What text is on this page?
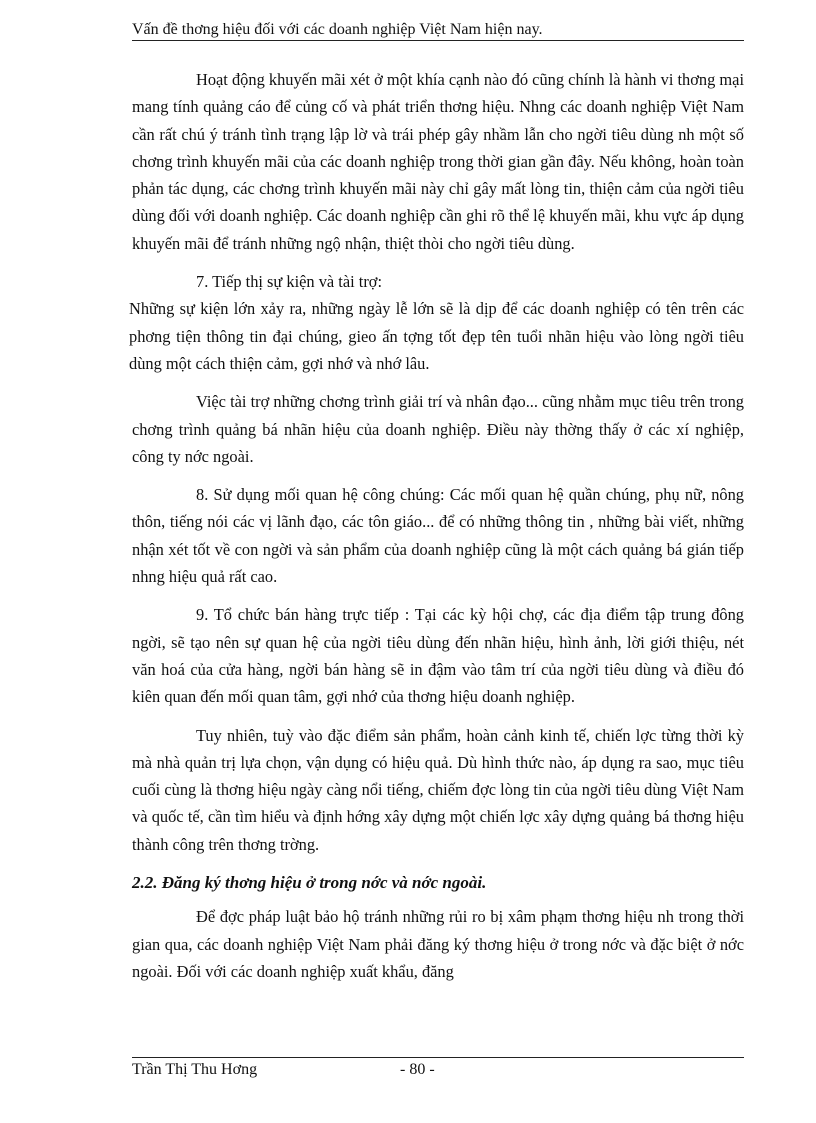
Vấn đề thơng hiệu đối với các doanh nghiệp Việt Nam hiện nay.

Hoạt động khuyến mãi xét ở một khía cạnh nào đó cũng chính là hành vi thơng mại mang tính quảng cáo để củng cố và phát triển thơng hiệu. Nhng các doanh nghiệp Việt Nam cần rất chú ý tránh tình trạng lập lờ và trái phép gây nhầm lẫn cho ngời tiêu dùng nh một số chơng trình khuyến mãi của các doanh nghiệp trong thời gian gần đây. Nếu không, hoàn toàn phản tác dụng, các chơng trình khuyến mãi này chỉ gây mất lòng tin, thiện cảm của ngời tiêu dùng đối với doanh nghiệp. Các doanh nghiệp cần ghi rõ thể lệ khuyến mãi, khu vực áp dụng khuyến mãi để tránh những ngộ nhận, thiệt thòi cho ngời tiêu dùng.

7. Tiếp thị sự kiện và tài trợ:

Những sự kiện lớn xảy ra, những ngày lễ lớn sẽ là dịp để các doanh nghiệp có tên trên các phơng tiện thông tin đại chúng, gieo ấn tợng tốt đẹp tên tuổi nhãn hiệu vào lòng ngời tiêu dùng một cách thiện cảm, gợi nhớ và nhớ lâu.

Việc tài trợ những chơng trình giải trí và nhân đạo... cũng nhằm mục tiêu trên trong chơng trình quảng bá nhãn hiệu của doanh nghiệp. Điều này thờng thấy ở các xí nghiệp, công ty nớc ngoài.

8. Sử dụng mối quan hệ công chúng: Các mối quan hệ quần chúng, phụ nữ, nông thôn, tiếng nói các vị lãnh đạo, các tôn giáo... để có những thông tin , những bài viết, những nhận xét tốt về con ngời và sản phẩm của doanh nghiệp cũng là một cách quảng bá gián tiếp nhng hiệu quả rất cao.

9. Tổ chức bán hàng trực tiếp : Tại các kỳ hội chợ, các địa điểm tập trung đông ngời, sẽ tạo nên sự quan hệ của ngời tiêu dùng đến nhãn hiệu, hình ảnh, lời giới thiệu, nét văn hoá của cửa hàng, ngời bán hàng sẽ in đậm vào tâm trí của ngời tiêu dùng và điều đó kiên quan đến mối quan tâm, gợi nhớ của thơng hiệu doanh nghiệp.

Tuy nhiên, tuỳ vào đặc điểm sản phẩm, hoàn cảnh kinh tế, chiến lợc từng thời kỳ mà nhà quản trị lựa chọn, vận dụng có hiệu quả. Dù hình thức nào, áp dụng ra sao, mục tiêu cuối cùng là thơng hiệu ngày càng nổi tiếng, chiếm đợc lòng tin của ngời tiêu dùng Việt Nam và quốc tế, cần tìm hiểu và định hớng xây dựng một chiến lợc xây dựng quảng bá thơng hiệu thành công trên thơng trờng.

2.2. Đăng ký thơng hiệu ở trong nớc và nớc ngoài.

Để đợc pháp luật bảo hộ tránh những rủi ro bị xâm phạm thơng hiệu nh trong thời gian qua, các doanh nghiệp Việt Nam phải đăng ký thơng hiệu ở trong nớc và đặc biệt ở nớc ngoài. Đối với các doanh nghiệp xuất khẩu, đăng

Trần Thị Thu Hơng	- 80 -
